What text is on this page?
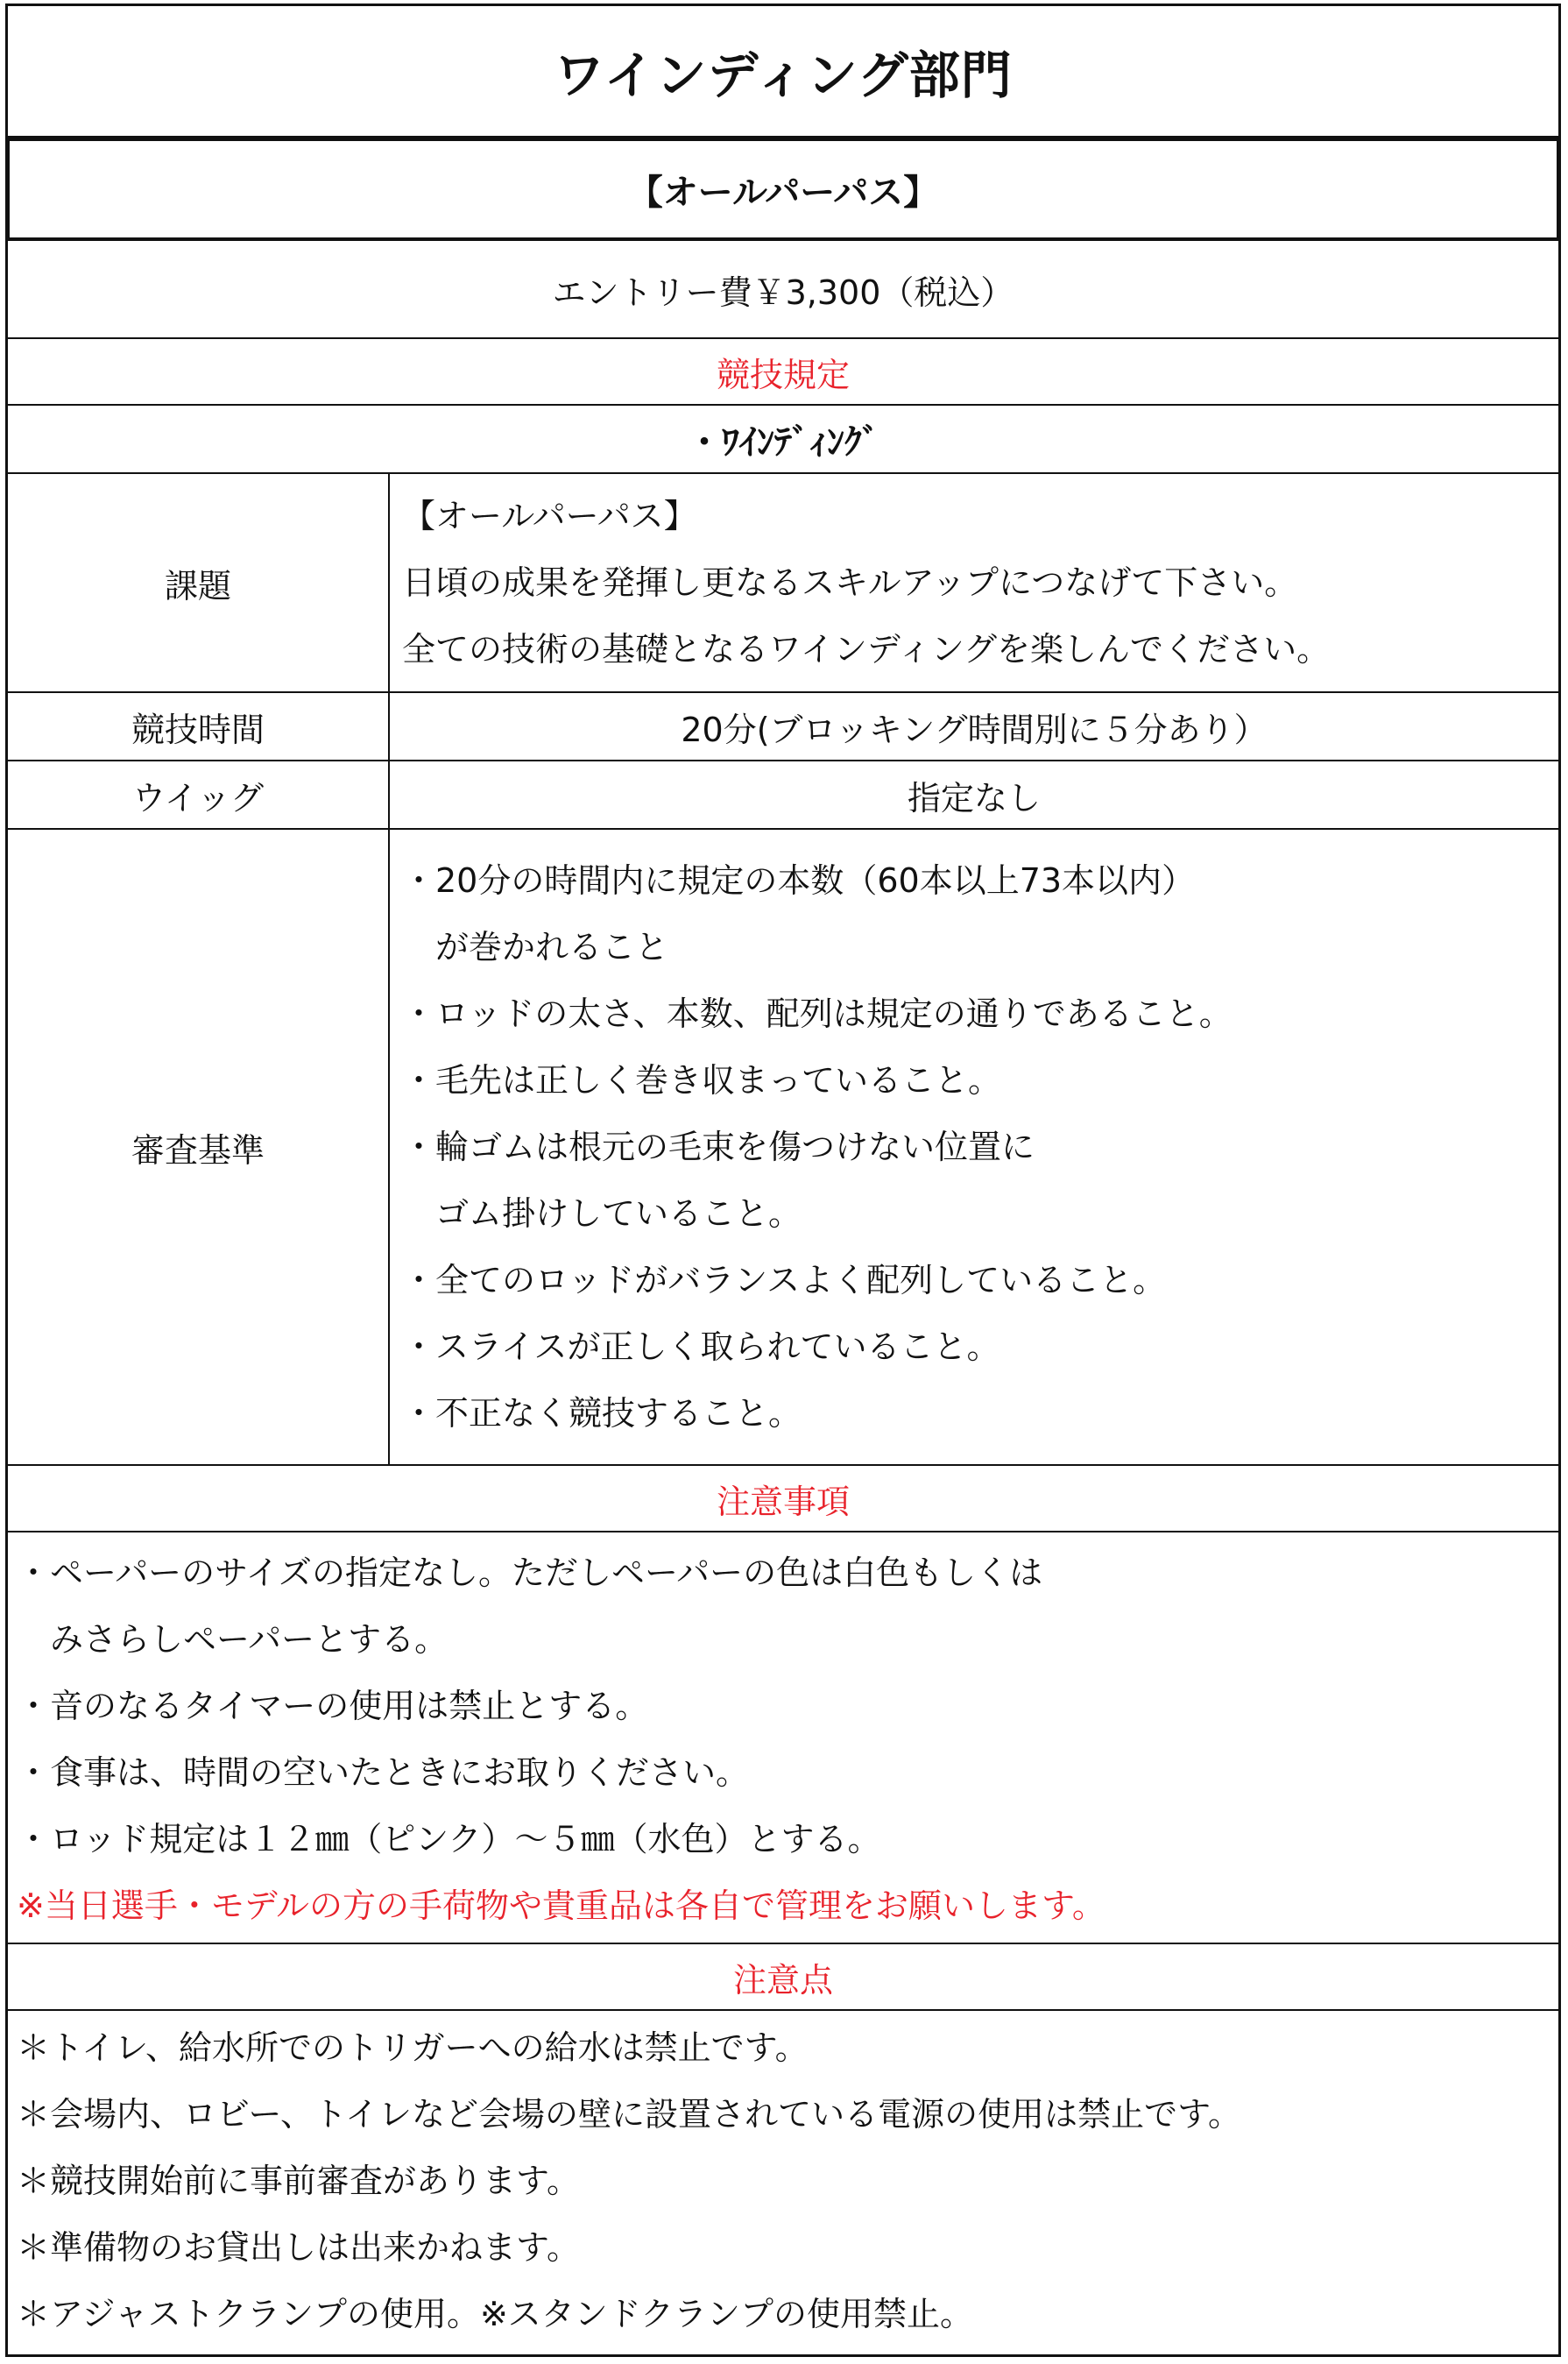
ワインディング部門
【オールパーパス】
エントリー費￥3,300（税込）
競技規定
・ﾜｲﾝﾃﾞｨﾝｸﾞ
課題
【オールパーパス】
日頃の成果を発揮し更なるスキルアップにつなげて下さい。
全ての技術の基礎となるワインディングを楽しんでください。
競技時間	20分(ブロッキング時間別に５分あり）
ウイッグ	指定なし
審査基準
・20分の時間内に規定の本数（60本以上73本以内）
　が巻かれること
・ロッドの太さ、本数、配列は規定の通りであること。
・毛先は正しく巻き収まっていること。
・輪ゴムは根元の毛束を傷つけない位置に
　ゴム掛けしていること。
・全てのロッドがバランスよく配列していること。
・スライスが正しく取られていること。
・不正なく競技すること。
注意事項
・ペーパーのサイズの指定なし。ただしペーパーの色は白色もしくは
　みさらしペーパーとする。
・音のなるタイマーの使用は禁止とする。
・食事は、時間の空いたときにお取りください。
・ロッド規定は１２㎜（ピンク）～５㎜（水色）とする。
※当日選手・モデルの方の手荷物や貴重品は各自で管理をお願いします。
注意点
＊トイレ、給水所でのトリガーへの給水は禁止です。
＊会場内、ロビー、トイレなど会場の壁に設置されている電源の使用は禁止です。
＊競技開始前に事前審査があります。
＊準備物のお貸出しは出来かねます。
＊アジャストクランプの使用。※スタンドクランプの使用禁止。
